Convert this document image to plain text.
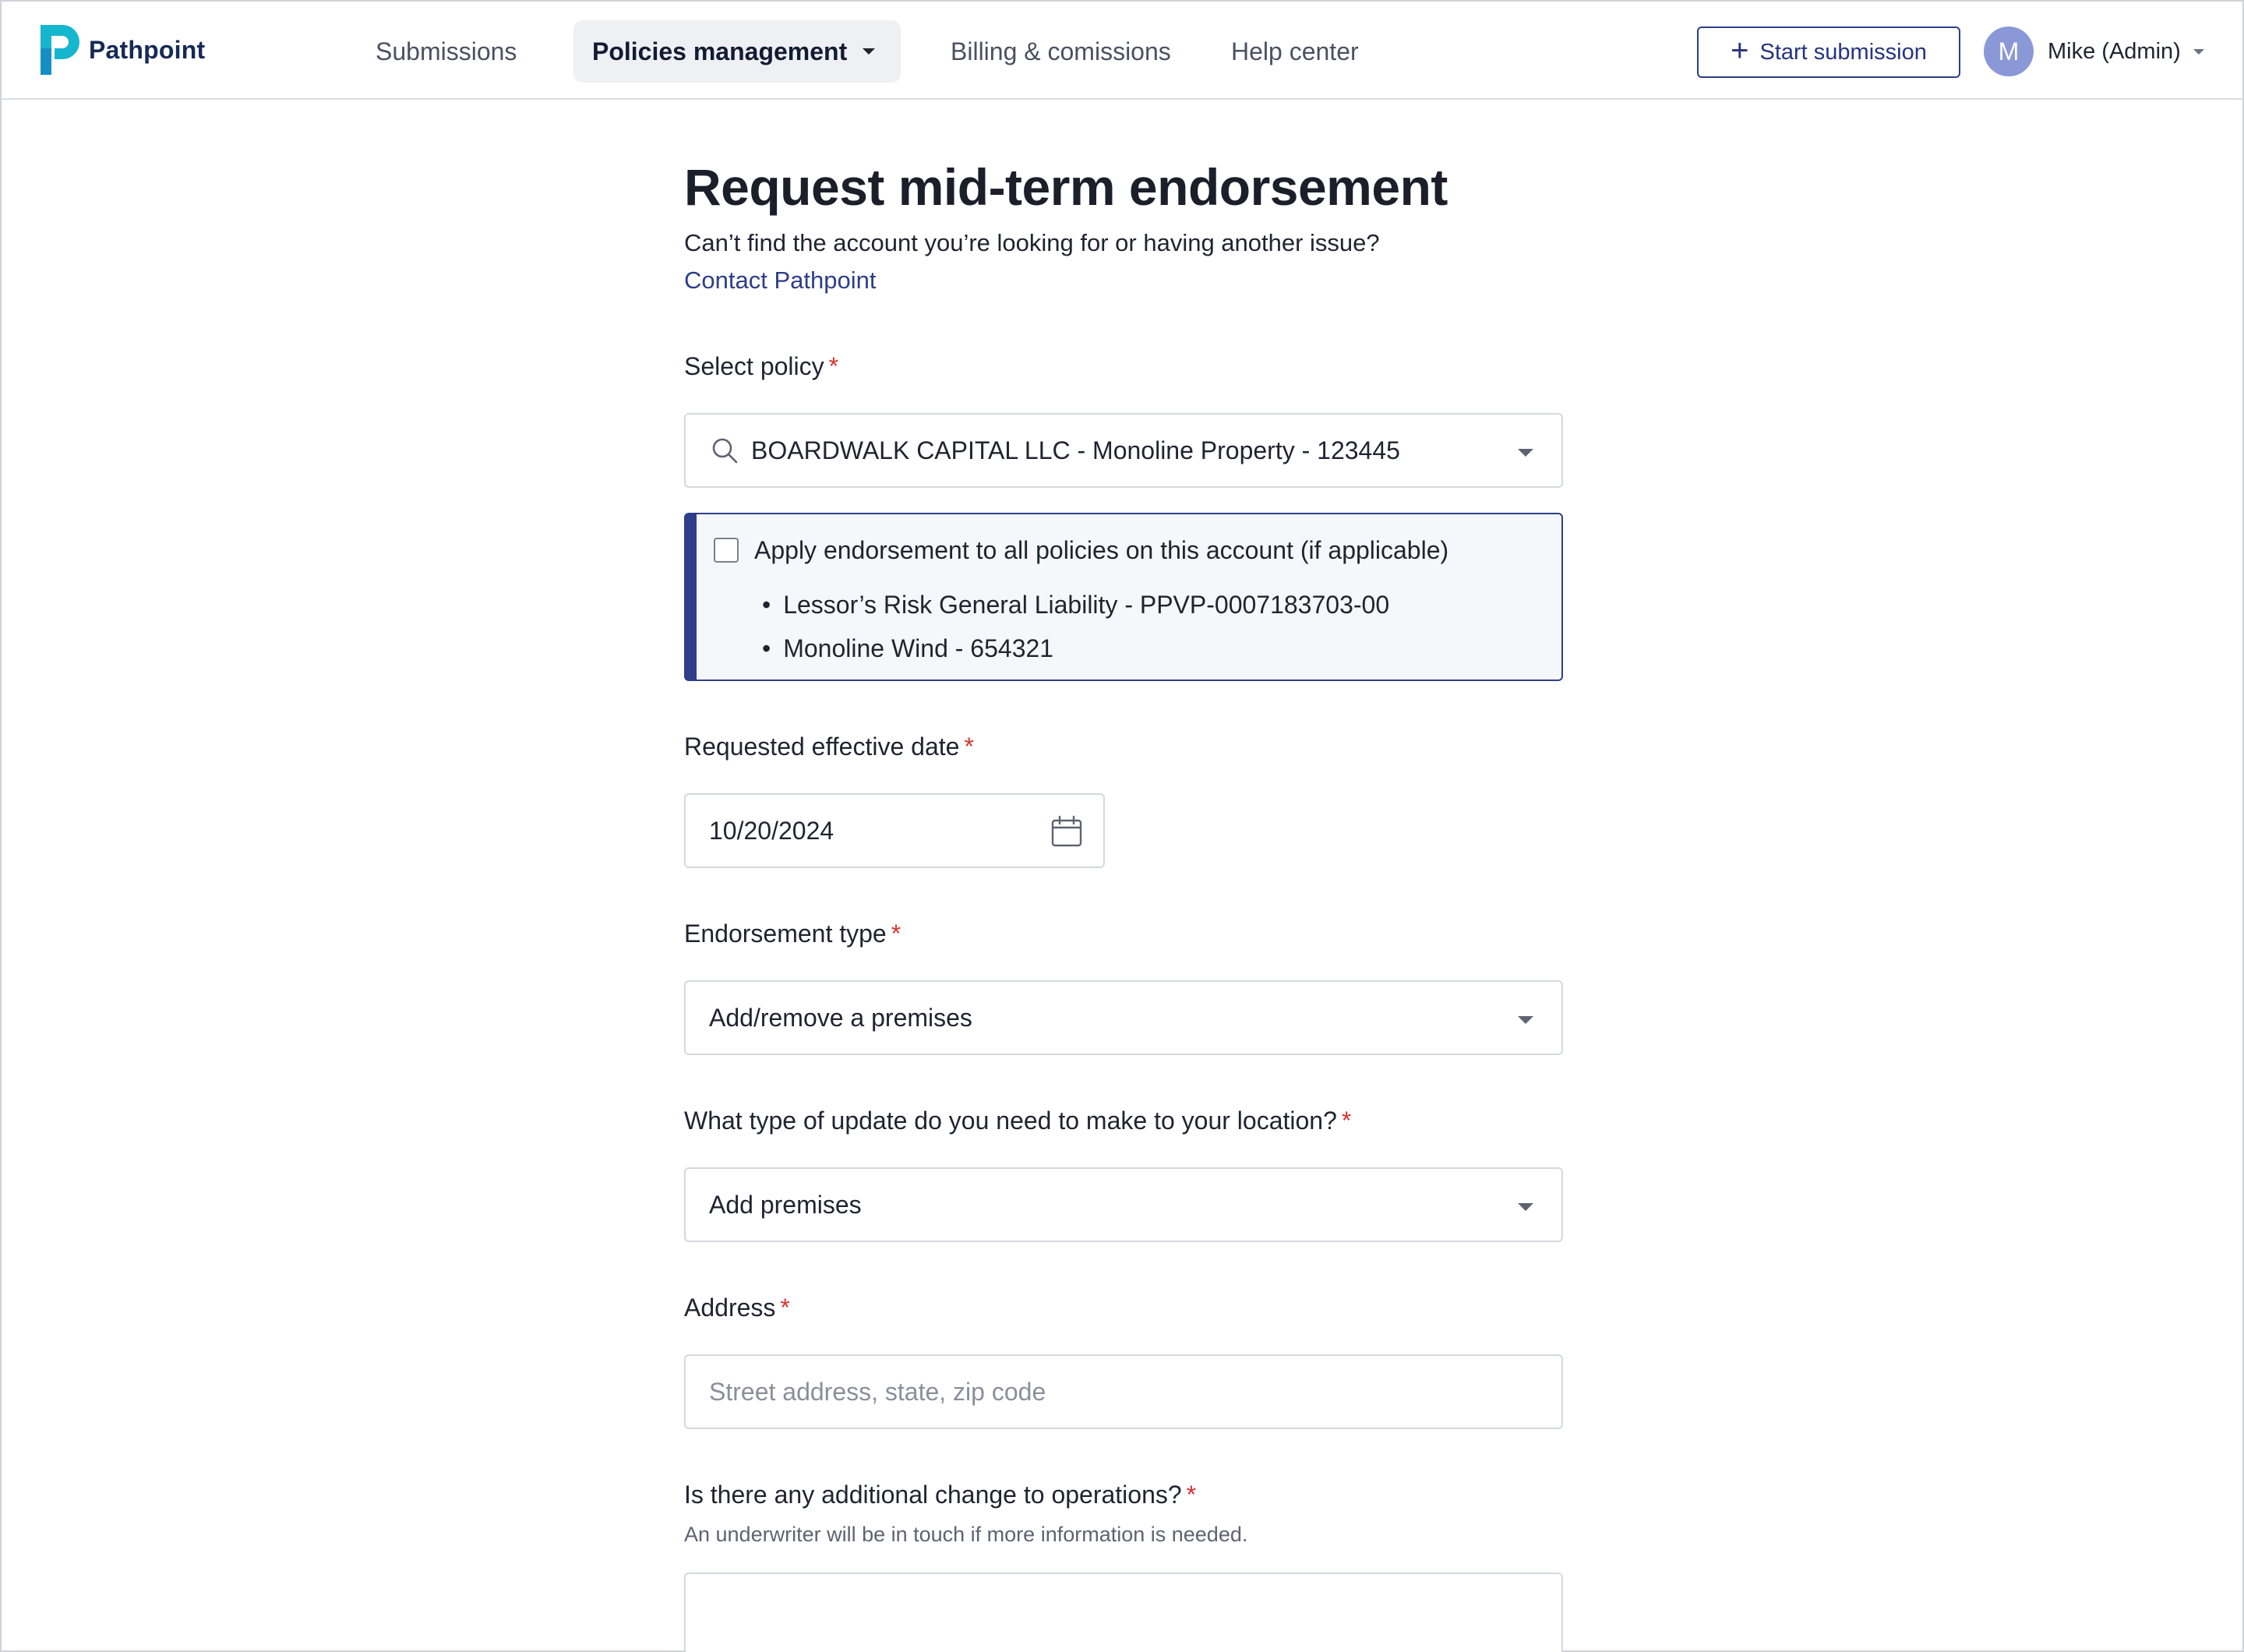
Pathpoint	Submissions	Policies management	Billing & comissions Help center	+ Start submission	M	Mike (Admin)
Request mid-term endorsement

Can’t find the account you’re looking for or having another issue?

Contact Pathpoint
Select policy *
BOARDWALK CAPITAL LLC - Monoline Property - 123445
Apply endorsement to all policies on this account (if applicable)
• Lessor’s Risk General Liability - PPVP-0007183703-00
• Monoline Wind - 654321
Requested effective date *
10/20/2024
Endorsement type *
Add/remove a premises
What type of update do you need to make to your location? *
Add premises
Address *
Street address, state, zip code
Is there any additional change to operations? *
An underwriter will be in touch if more information is needed.
